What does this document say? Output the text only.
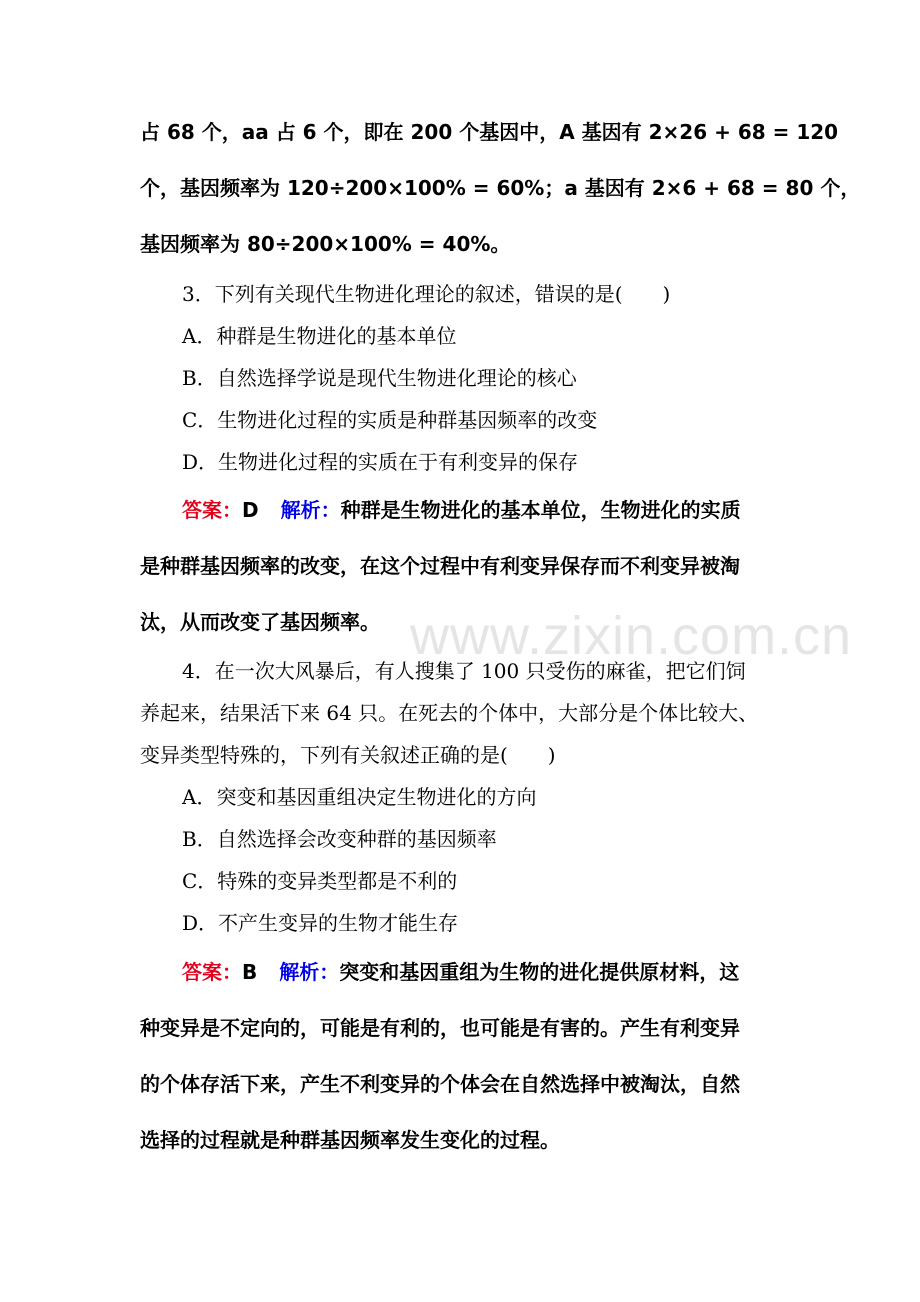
www.zixin.com.cn
占 68 个，aa 占 6 个，即在 200 个基因中，A 基因有 2×26 + 68 = 120
个，基因频率为 120÷200×100% = 60%；a 基因有 2×6 + 68 = 80 个，
基因频率为 80÷200×100% = 40%。
3．下列有关现代生物进化理论的叙述，错误的是(　　)
A．种群是生物进化的基本单位
B．自然选择学说是现代生物进化理论的核心
C．生物进化过程的实质是种群基因频率的改变
D．生物进化过程的实质在于有利变异的保存
答案：D 解析：种群是生物进化的基本单位，生物进化的实质
是种群基因频率的改变，在这个过程中有利变异保存而不利变异被淘
汰，从而改变了基因频率。
4．在一次大风暴后，有人搜集了 100 只受伤的麻雀，把它们饲
养起来，结果活下来 64 只。在死去的个体中，大部分是个体比较大、
变异类型特殊的，下列有关叙述正确的是(　　)
A．突变和基因重组决定生物进化的方向
B．自然选择会改变种群的基因频率
C．特殊的变异类型都是不利的
D．不产生变异的生物才能生存
答案：B 解析：突变和基因重组为生物的进化提供原材料，这
种变异是不定向的，可能是有利的，也可能是有害的。产生有利变异
的个体存活下来，产生不利变异的个体会在自然选择中被淘汰，自然
选择的过程就是种群基因频率发生变化的过程。
